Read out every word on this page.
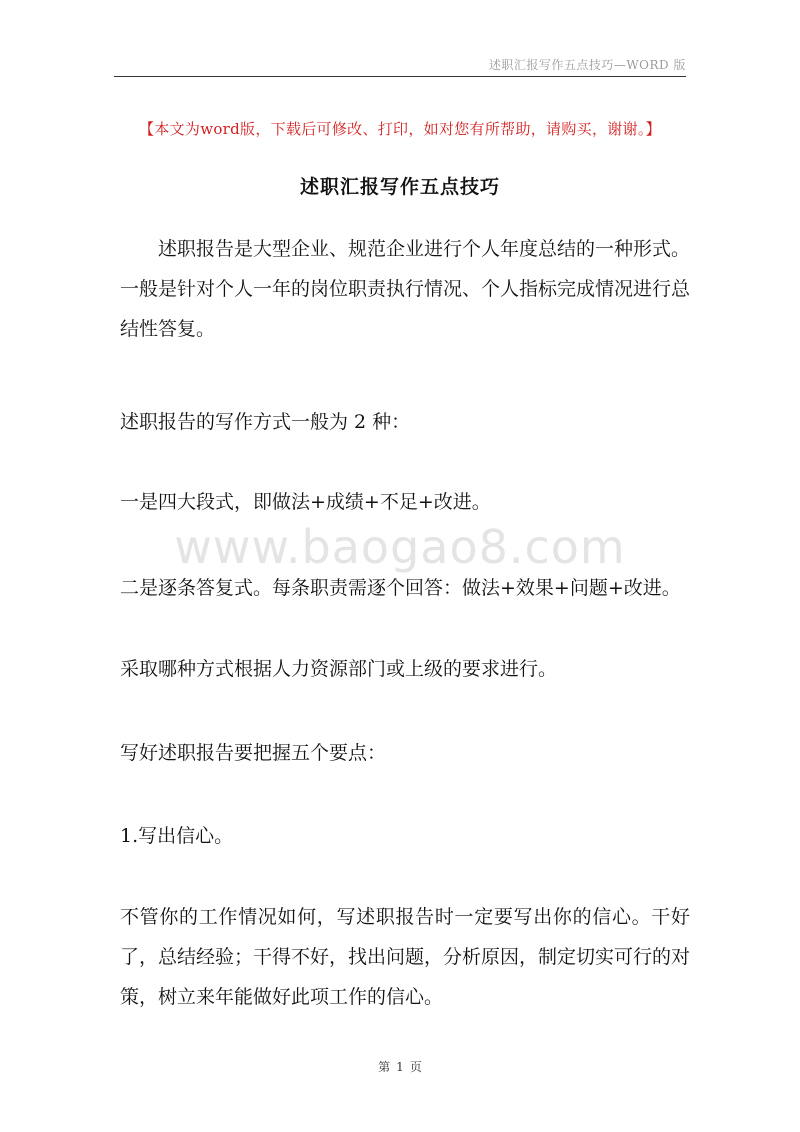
述职汇报写作五点技巧—WORD 版
【本文为word版，下载后可修改、打印，如对您有所帮助，请购买，谢谢。】
述职汇报写作五点技巧
www.baogao8.com

述职报告是大型企业、规范企业进行个人年度总结的一种形式。一般是针对个人一年的岗位职责执行情况、个人指标完成情况进行总结性答复。

述职报告的写作方式一般为 2 种：

一是四大段式，即做法+成绩+不足+改进。

二是逐条答复式。每条职责需逐个回答：做法+效果+问题+改进。

采取哪种方式根据人力资源部门或上级的要求进行。

写好述职报告要把握五个要点：

1.写出信心。

不管你的工作情况如何，写述职报告时一定要写出你的信心。干好了，总结经验；干得不好，找出问题，分析原因，制定切实可行的对策，树立来年能做好此项工作的信心。

第 1 页
